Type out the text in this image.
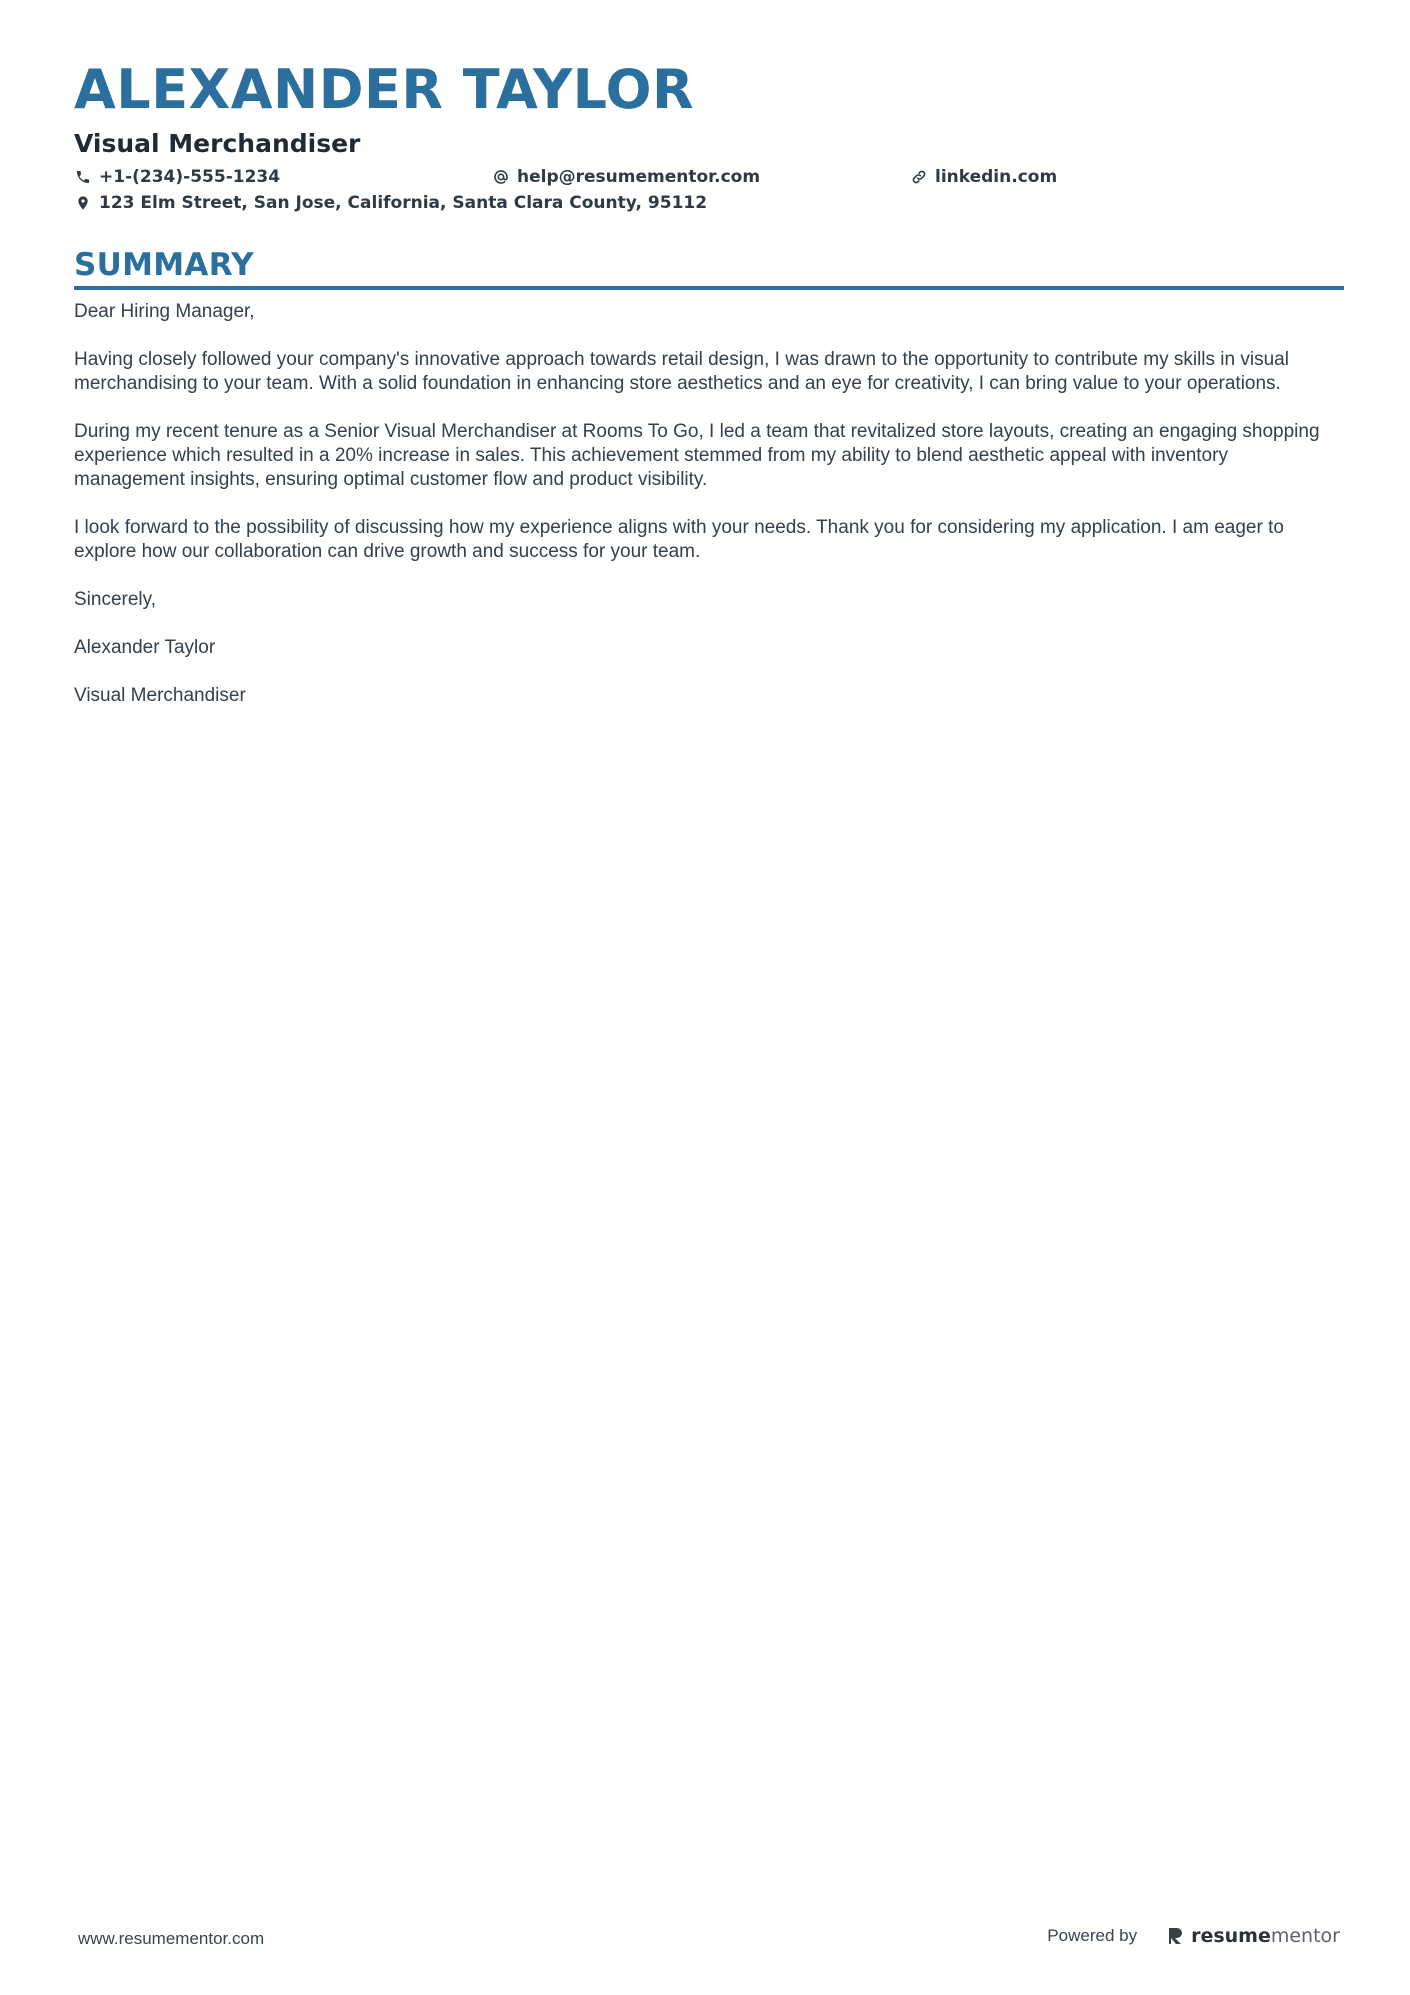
ALEXANDER TAYLOR
Visual Merchandiser
+1-(234)-555-1234	help@resumementor.com	linkedin.com
123 Elm Street, San Jose, California, Santa Clara County, 95112
SUMMARY

Dear Hiring Manager,

Having closely followed your company's innovative approach towards retail design, I was drawn to the opportunity to contribute my skills in visual merchandising to your team. With a solid foundation in enhancing store aesthetics and an eye for creativity, I can bring value to your operations.

During my recent tenure as a Senior Visual Merchandiser at Rooms To Go, I led a team that revitalized store layouts, creating an engaging shopping experience which resulted in a 20% increase in sales. This achievement stemmed from my ability to blend aesthetic appeal with inventory management insights, ensuring optimal customer flow and product visibility.

I look forward to the possibility of discussing how my experience aligns with your needs. Thank you for considering my application. I am eager to explore how our collaboration can drive growth and success for your team.

Sincerely,

Alexander Taylor

Visual Merchandiser

www.resumementor.com	Powered by	resumementor
